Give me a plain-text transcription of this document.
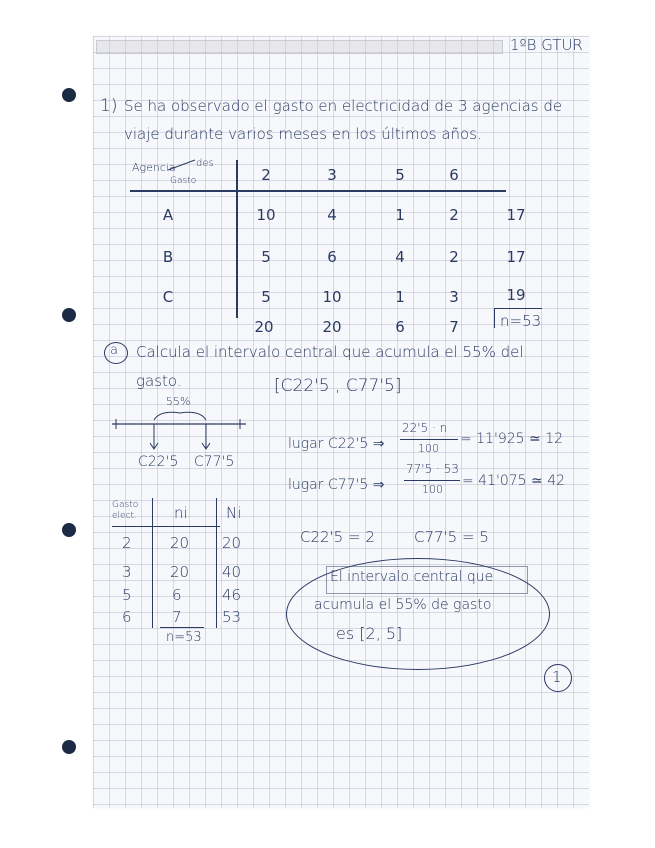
1ºB GTUR
1) Se ha observado el gasto en electricidad de 3 agencias de
viaje durante varios meses en los últimos años.
Agencia des
Gasto	2	3	5	6
A	10	4	1	2	17
B	5	6	4	2	17
C	5	10	1	3	19
20	20	6	7	n=53
a Calcula el intervalo central que acumula el 55% del
gasto.	[C22'5 , C77'5]
55%
C22'5 C77'5
lugar C22'5 ⇒
22'5 · n
100
= 11'925 ≃ 12
lugar C77'5 ⇒
77'5 · 53
100
= 41'075 ≃ 42
Gasto elect.	ni	Ni
2	20 20
3	20 40
5	6	46
6	7	53
n=53
C22'5 = 2	C77'5 = 5
El intervalo central que
acumula el 55% de gasto
es [2, 5]
1
